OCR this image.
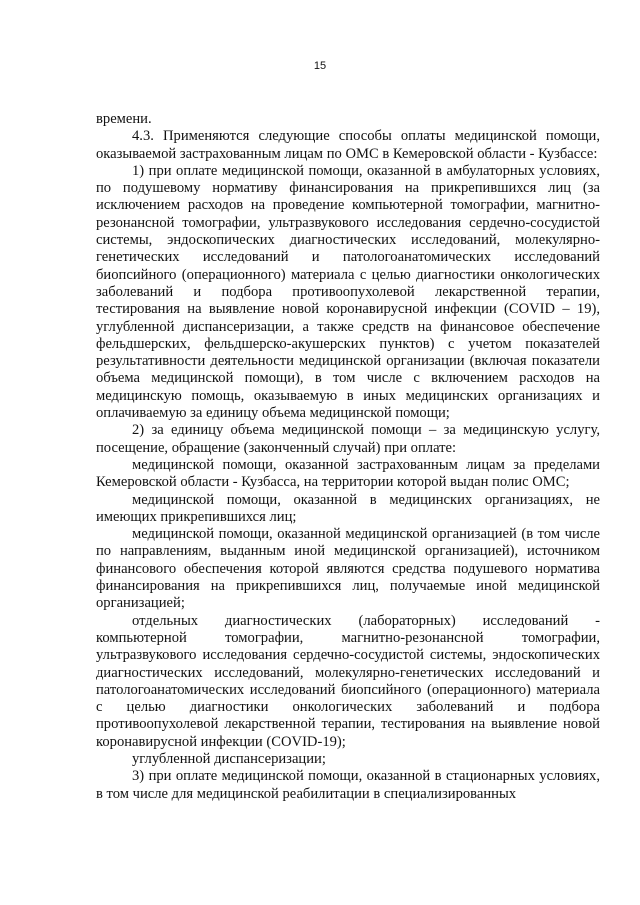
15

времени.

4.3. Применяются следующие способы оплаты медицинской помощи, оказываемой застрахованным лицам по ОМС в Кемеровской области - Кузбассе:

1) при оплате медицинской помощи, оказанной в амбулаторных условиях, по подушевому нормативу финансирования на прикрепившихся лиц (за исключением расходов на проведение компьютерной томографии, магнитно-резонансной томографии, ультразвукового исследования сердечно-сосудистой системы, эндоскопических диагностических исследований, молекулярно-генетических исследований и патологоанатомических исследований биопсийного (операционного) материала с целью диагностики онкологических заболеваний и подбора противоопухолевой лекарственной терапии, тестирования на выявление новой коронавирусной инфекции (COVID – 19), углубленной диспансеризации, а также средств на финансовое обеспечение фельдшерских, фельдшерско-акушерских пунктов) с учетом показателей результативности деятельности медицинской организации (включая показатели объема медицинской помощи), в том числе с включением расходов на медицинскую помощь, оказываемую в иных медицинских организациях и оплачиваемую за единицу объема медицинской помощи;

2) за единицу объема медицинской помощи – за медицинскую услугу, посещение, обращение (законченный случай) при оплате:

медицинской помощи, оказанной застрахованным лицам за пределами Кемеровской области - Кузбасса, на территории которой выдан полис ОМС;

медицинской помощи, оказанной в медицинских организациях, не имеющих прикрепившихся лиц;

медицинской помощи, оказанной медицинской организацией (в том числе по направлениям, выданным иной медицинской организацией), источником финансового обеспечения которой являются средства подушевого норматива финансирования на прикрепившихся лиц, получаемые иной медицинской организацией;

отдельных диагностических (лабораторных) исследований - компьютерной томографии, магнитно-резонансной томографии, ультразвукового исследования сердечно-сосудистой системы, эндоскопических диагностических исследований, молекулярно-генетических исследований и патологоанатомических исследований биопсийного (операционного) материала с целью диагностики онкологических заболеваний и подбора противоопухолевой лекарственной терапии, тестирования на выявление новой коронавирусной инфекции (COVID-19);

углубленной диспансеризации;

3) при оплате медицинской помощи, оказанной в стационарных условиях, в том числе для медицинской реабилитации в специализированных
